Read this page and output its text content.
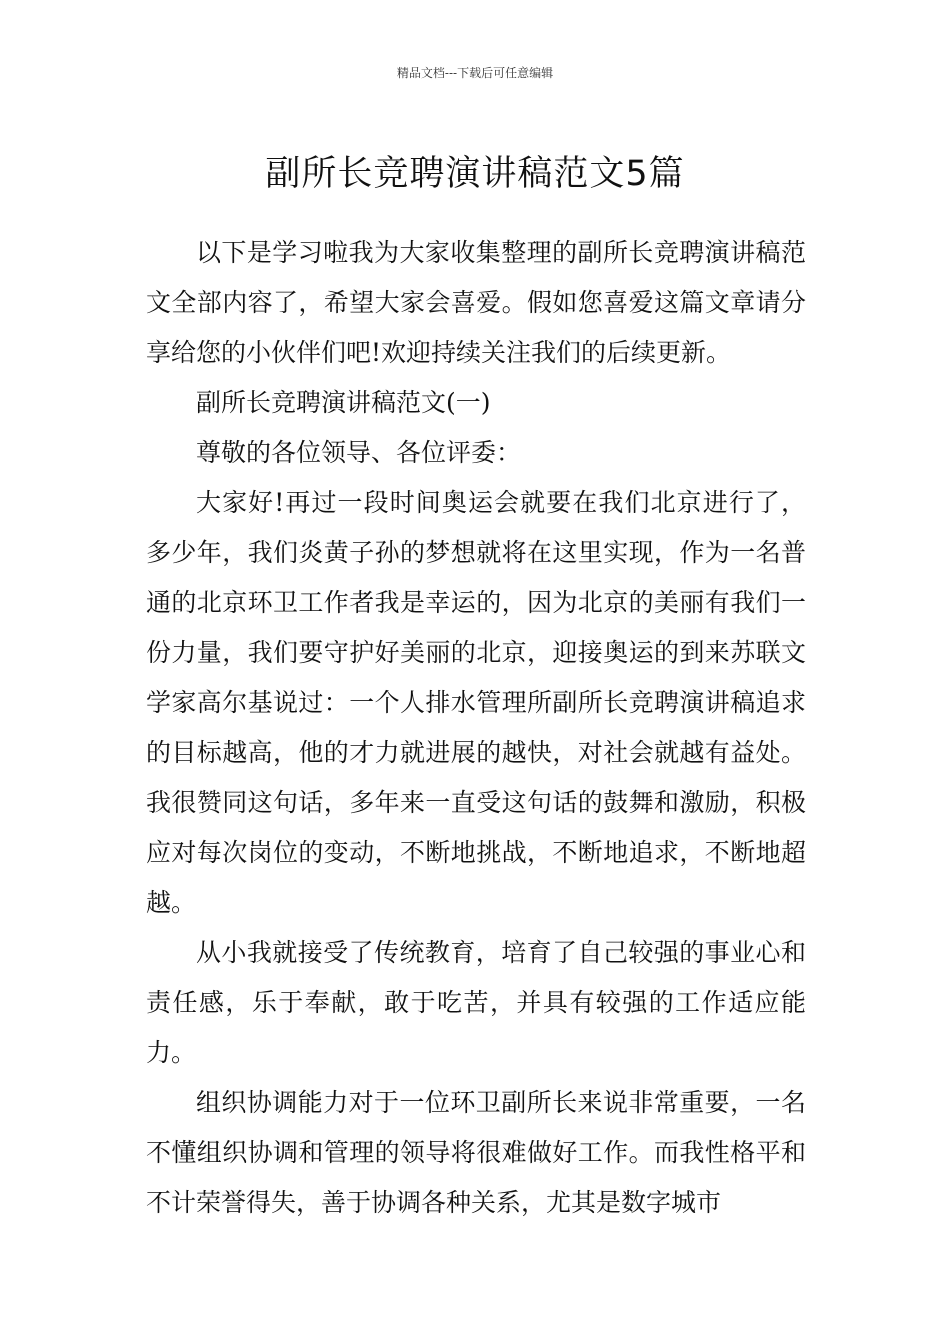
精品文档---下载后可任意编辑
副所长竞聘演讲稿范文5篇

以下是学习啦我为大家收集整理的副所长竞聘演讲稿范文全部内容了，希望大家会喜爱。假如您喜爱这篇文章请分享给您的小伙伴们吧!欢迎持续关注我们的后续更新。

副所长竞聘演讲稿范文(一)

尊敬的各位领导、各位评委：

大家好!再过一段时间奥运会就要在我们北京进行了，多少年，我们炎黄子孙的梦想就将在这里实现，作为一名普通的北京环卫工作者我是幸运的，因为北京的美丽有我们一份力量，我们要守护好美丽的北京，迎接奥运的到来苏联文学家高尔基说过：一个人排水管理所副所长竞聘演讲稿追求的目标越高，他的才力就进展的越快，对社会就越有益处。我很赞同这句话，多年来一直受这句话的鼓舞和激励，积极应对每次岗位的变动，不断地挑战，不断地追求，不断地超越。

从小我就接受了传统教育，培育了自己较强的事业心和责任感，乐于奉献，敢于吃苦，并具有较强的工作适应能力。

组织协调能力对于一位环卫副所长来说非常重要，一名不懂组织协调和管理的领导将很难做好工作。而我性格平和不计荣誉得失，善于协调各种关系，尤其是数字城市
